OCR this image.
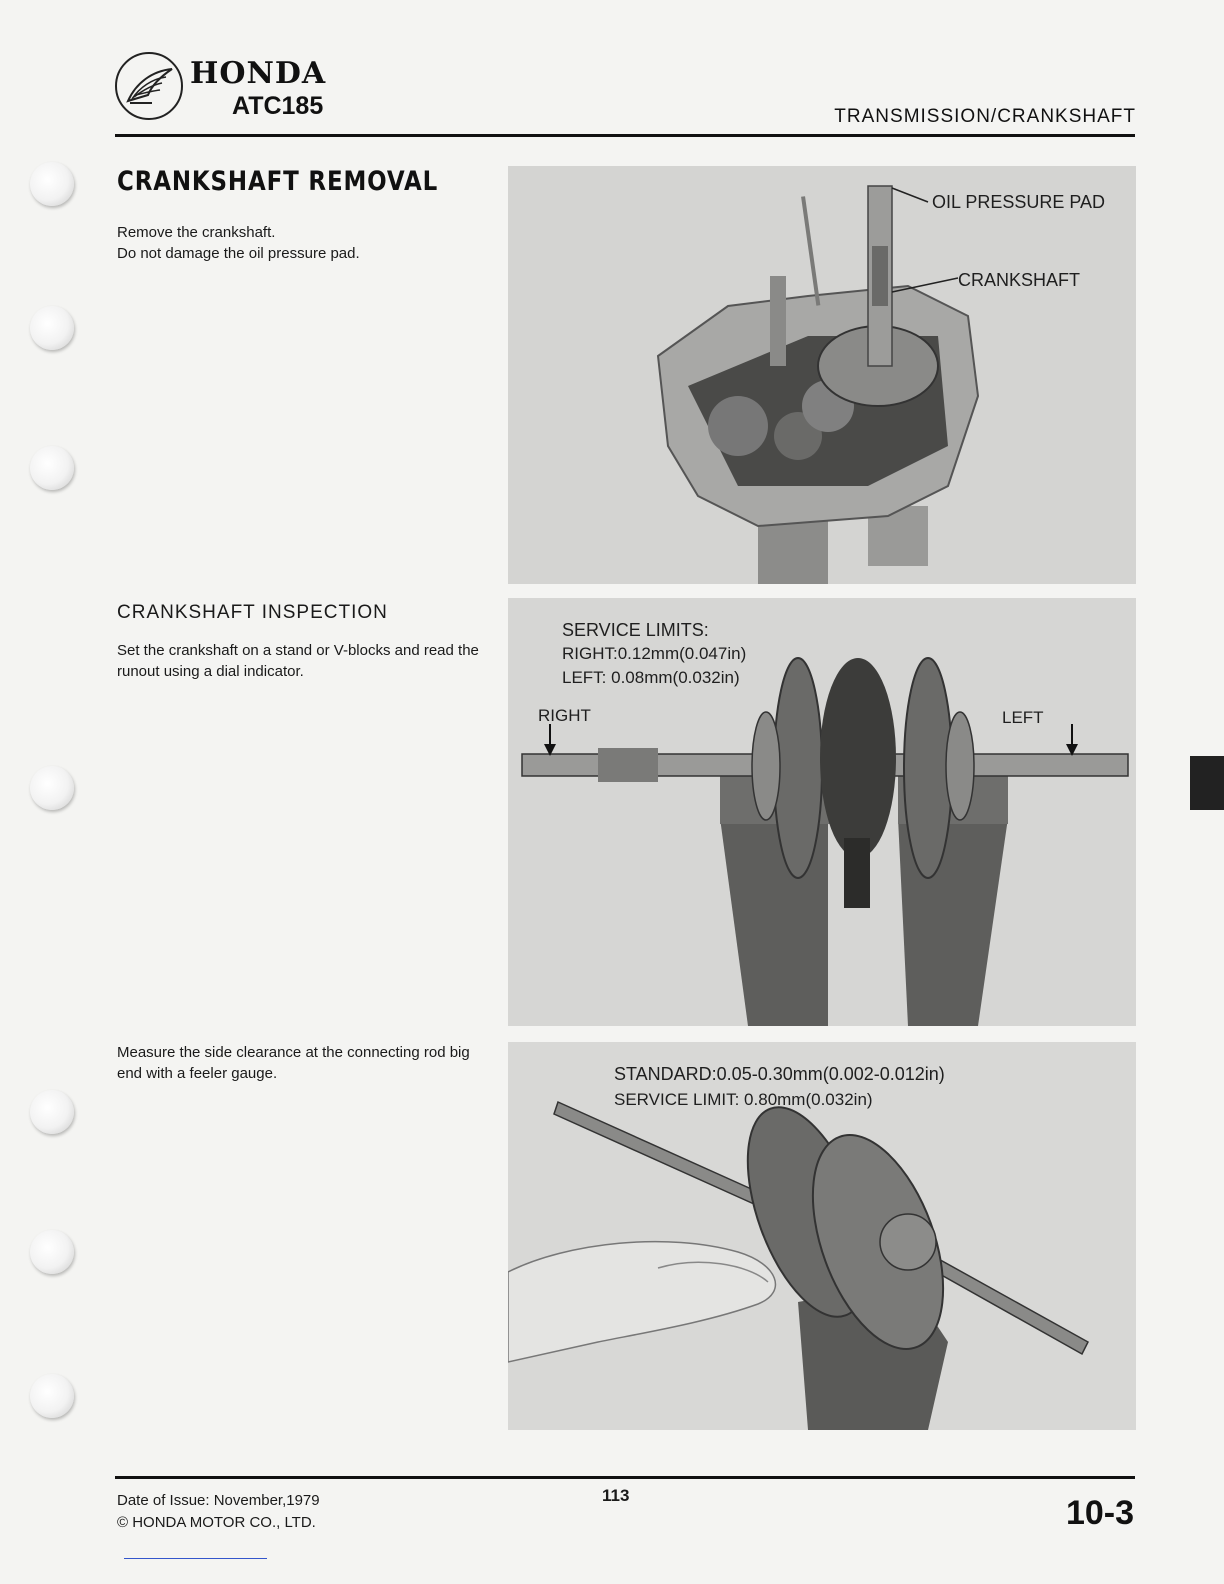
HONDA
ATC185	TRANSMISSION/CRANKSHAFT
CRANKSHAFT REMOVAL
Remove the crankshaft.
Do not damage the oil pressure pad.
OIL PRESSURE PAD
CRANKSHAFT
CRANKSHAFT INSPECTION
Set the crankshaft on a stand or V-blocks and read the runout using a dial indicator.
SERVICE LIMITS:
RIGHT:0.12mm(0.047in)
LEFT: 0.08mm(0.032in)
RIGHT	LEFT
Measure the side clearance at the connecting rod big end with a feeler gauge.	STANDARD:0.05-0.30mm(0.002-0.012in)
SERVICE LIMIT: 0.80mm(0.032in)
Date of Issue: November,1979
© HONDA MOTOR CO., LTD.
113	10-3
